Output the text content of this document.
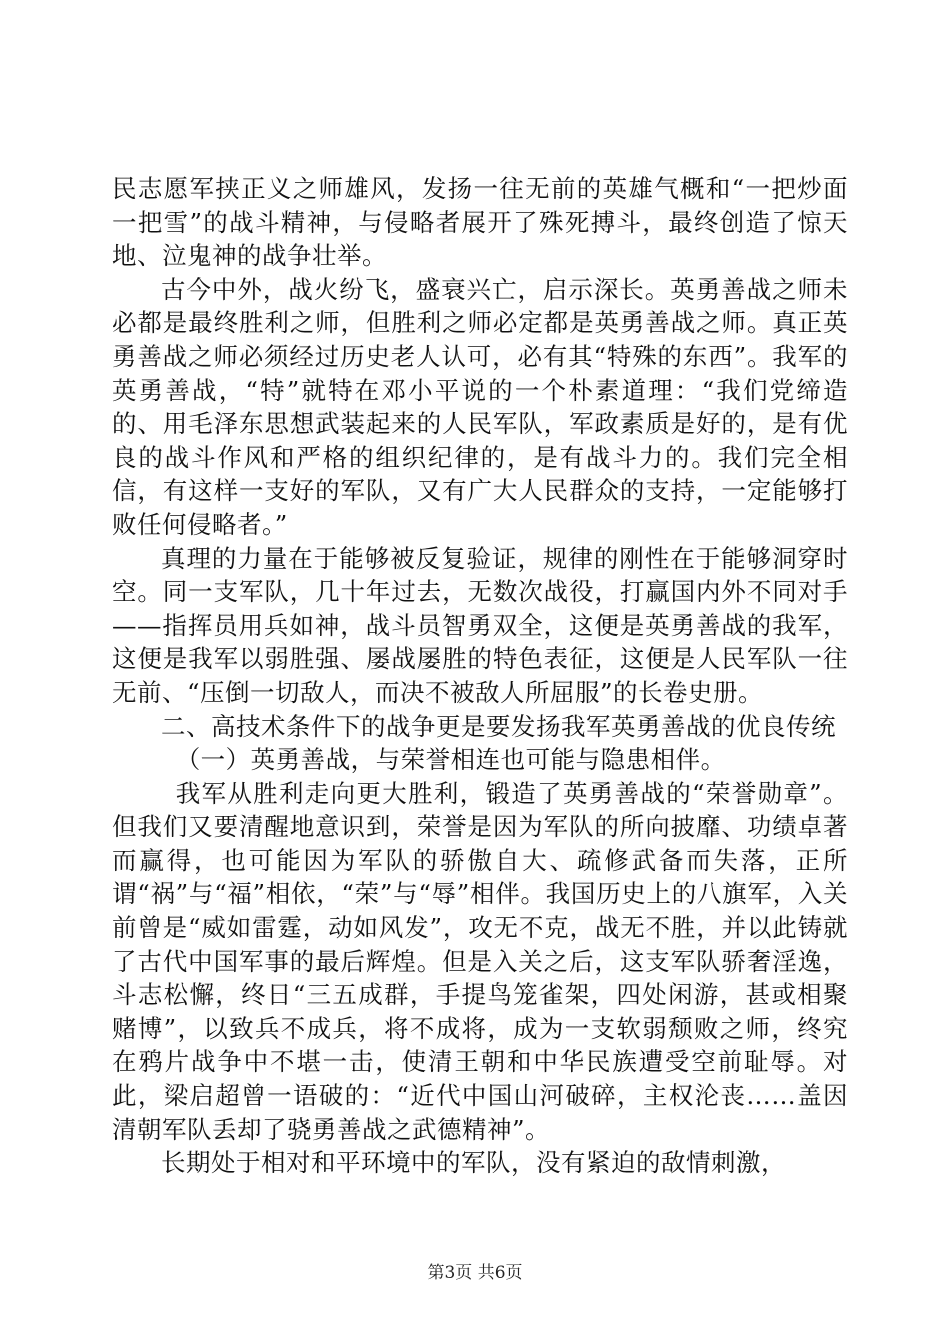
民志愿军挟正义之师雄风，发扬一往无前的英雄气概和“一把炒面一把雪”的战斗精神，与侵略者展开了殊死搏斗，最终创造了惊天地、泣鬼神的战争壮举。

古今中外，战火纷飞，盛衰兴亡，启示深长。英勇善战之师未必都是最终胜利之师，但胜利之师必定都是英勇善战之师。真正英勇善战之师必须经过历史老人认可，必有其“特殊的东西”。我军的英勇善战，“特”就特在邓小平说的一个朴素道理：“我们党缔造的、用毛泽东思想武装起来的人民军队，军政素质是好的，是有优良的战斗作风和严格的组织纪律的，是有战斗力的。我们完全相信，有这样一支好的军队，又有广大人民群众的支持，一定能够打败任何侵略者。”

真理的力量在于能够被反复验证，规律的刚性在于能够洞穿时空。同一支军队，几十年过去，无数次战役，打赢国内外不同对手——指挥员用兵如神，战斗员智勇双全，这便是英勇善战的我军，这便是我军以弱胜强、屡战屡胜的特色表征，这便是人民军队一往无前、“压倒一切敌人，而决不被敌人所屈服”的长卷史册。

二、高技术条件下的战争更是要发扬我军英勇善战的优良传统

（一）英勇善战，与荣誉相连也可能与隐患相伴。

我军从胜利走向更大胜利，锻造了英勇善战的“荣誉勋章”。但我们又要清醒地意识到，荣誉是因为军队的所向披靡、功绩卓著而赢得，也可能因为军队的骄傲自大、疏修武备而失落，正所谓“祸”与“福”相依，“荣”与“辱”相伴。我国历史上的八旗军，入关前曾是“威如雷霆，动如风发”，攻无不克，战无不胜，并以此铸就了古代中国军事的最后辉煌。但是入关之后，这支军队骄奢淫逸，斗志松懈，终日“三五成群，手提鸟笼雀架，四处闲游，甚或相聚赌博”，以致兵不成兵，将不成将，成为一支软弱颓败之师，终究在鸦片战争中不堪一击，使清王朝和中华民族遭受空前耻辱。对此，梁启超曾一语破的：“近代中国山河破碎，主权沦丧……盖因清朝军队丢却了骁勇善战之武德精神”。

长期处于相对和平环境中的军队，没有紧迫的敌情刺激，

第3页 共6页
